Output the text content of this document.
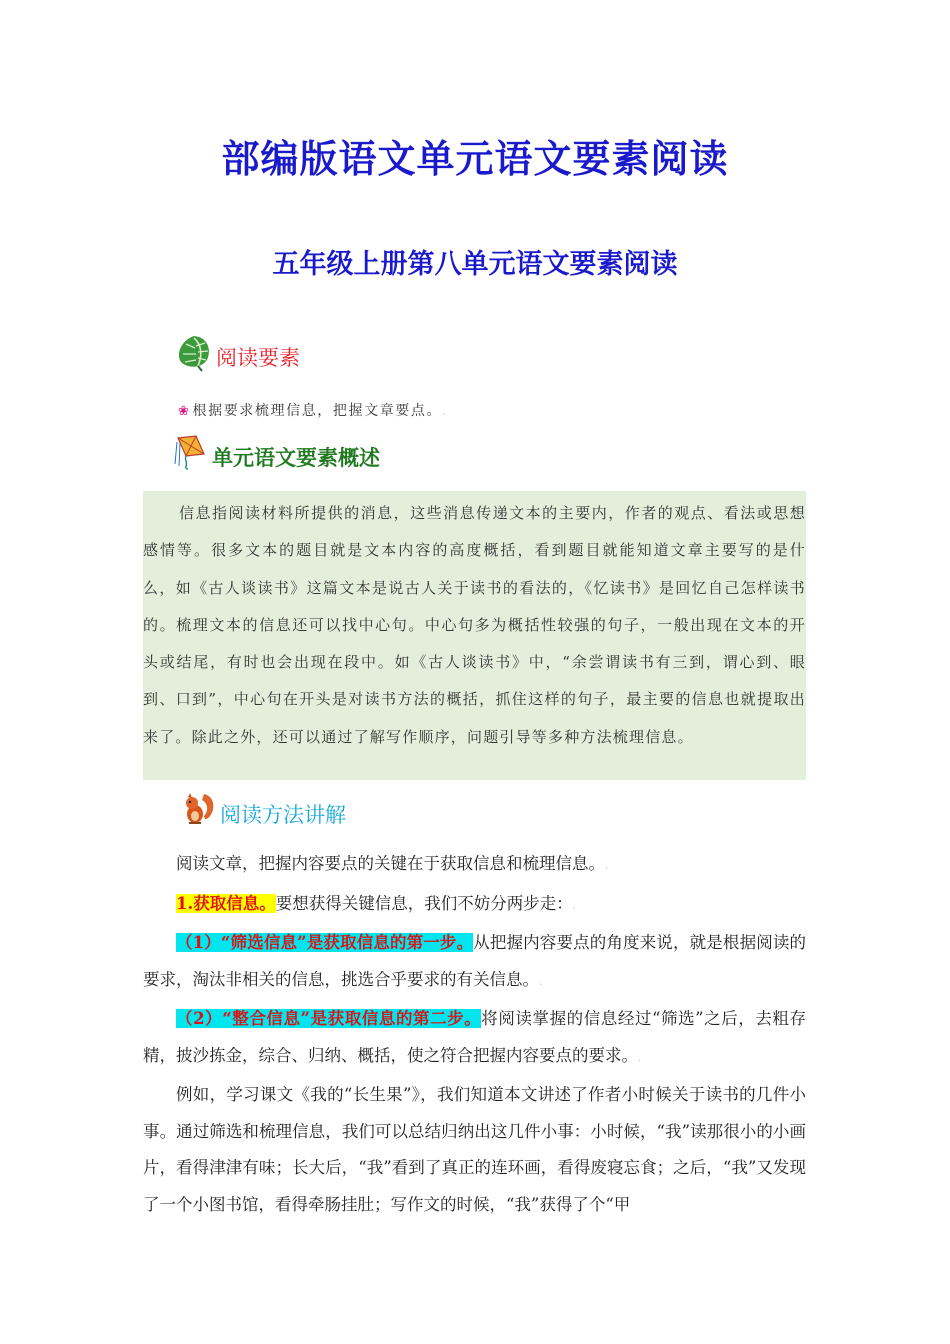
部编版语文单元语文要素阅读
五年级上册第八单元语文要素阅读
阅读要素
❀ 根据要求梳理信息，把握文章要点。.
单元语文要素概述

信息指阅读材料所提供的消息，这些消息传递文本的主要内，作者的观点、看法或思想感情等。很多文本的题目就是文本内容的高度概括，看到题目就能知道文章主要写的是什么，如《古人谈读书》这篇文本是说古人关于读书的看法的，《忆读书》是回忆自己怎样读书的。梳理文本的信息还可以找中心句。中心句多为概括性较强的句子，一般出现在文本的开头或结尾，有时也会出现在段中。如《古人谈读书》中，“余尝谓读书有三到，谓心到、眼到、口到”，中心句在开头是对读书方法的概括，抓住这样的句子，最主要的信息也就提取出来了。除此之外，还可以通过了解写作顺序，问题引导等多种方法梳理信息。

阅读方法讲解

阅读文章，把握内容要点的关键在于获取信息和梳理信息。.

1.获取信息。要想获得关键信息，我们不妨分两步走：.

（1）“筛选信息”是获取信息的第一步。从把握内容要点的角度来说，就是根据阅读的要求，淘汰非相关的信息，挑选合乎要求的有关信息。.

（2）“整合信息”是获取信息的第二步。将阅读掌握的信息经过“筛选”之后，去粗存精，披沙拣金，综合、归纳、概括，使之符合把握内容要点的要求。.

例如，学习课文《我的“长生果”》，我们知道本文讲述了作者小时候关于读书的几件小事。通过筛选和梳理信息，我们可以总结归纳出这几件小事：小时候，“我”读那很小的小画片，看得津津有味；长大后，“我”看到了真正的连环画，看得废寝忘食；之后，“我”又发现了一个小图书馆，看得牵肠挂肚；写作文的时候，“我”获得了个“甲
